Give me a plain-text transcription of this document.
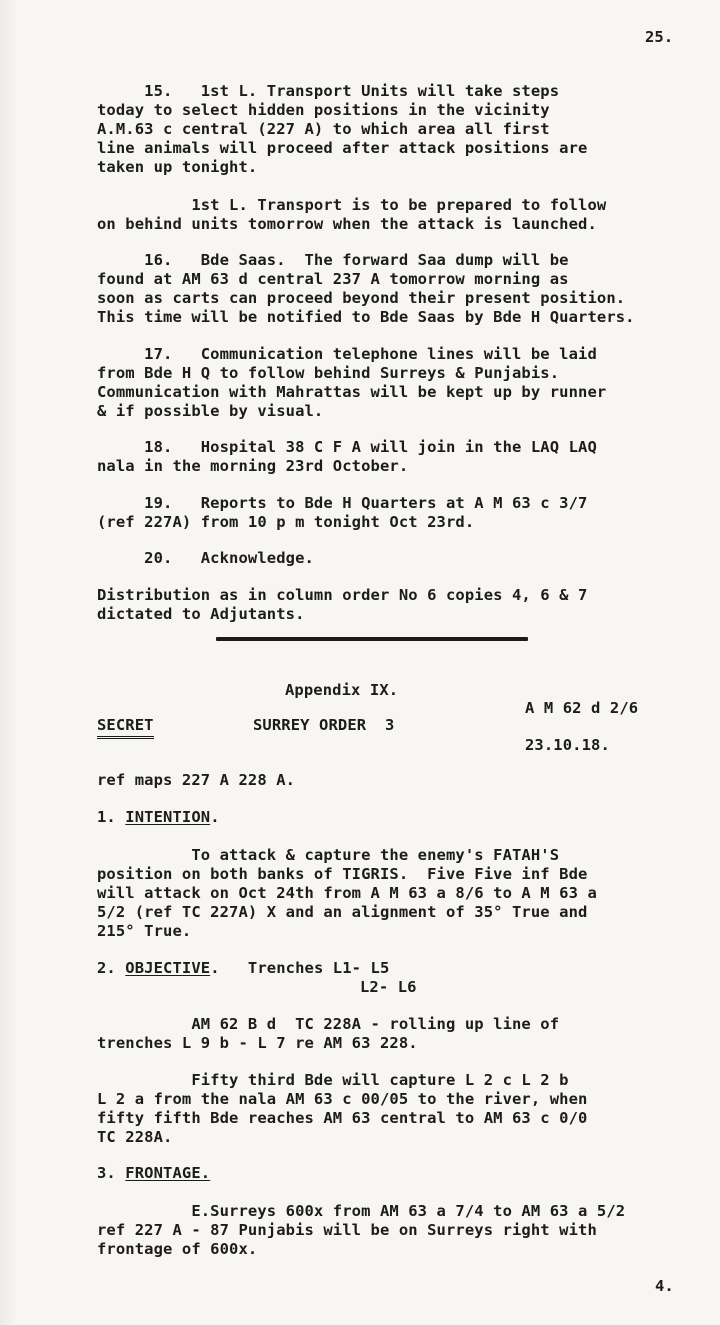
25.
15.   1st L. Transport Units will take steps
today to select hidden positions in the vicinity
A.M.63 c central (227 A) to which area all first
line animals will proceed after attack positions are
taken up tonight.
1st L. Transport is to be prepared to follow
on behind units tomorrow when the attack is launched.
16.   Bde Saas.  The forward Saa dump will be
found at AM 63 d central 237 A tomorrow morning as
soon as carts can proceed beyond their present position.
This time will be notified to Bde Saas by Bde H Quarters.
17.   Communication telephone lines will be laid
from Bde H Q to follow behind Surreys & Punjabis.
Communication with Mahrattas will be kept up by runner
& if possible by visual.
18.   Hospital 38 C F A will join in the LAQ LAQ
nala in the morning 23rd October.
19.   Reports to Bde H Quarters at A M 63 c 3/7
(ref 227A) from 10 p m tonight Oct 23rd.
20.   Acknowledge.
Distribution as in column order No 6 copies 4, 6 & 7
dictated to Adjutants.
Appendix IX.
A M 62 d 2/6
SECRET	SURREY ORDER  3
23.10.18.
ref maps 227 A 228 A.
1. INTENTION.
To attack & capture the enemy's FATAH'S
position on both banks of TIGRIS.  Five Five inf Bde
will attack on Oct 24th from A M 63 a 8/6 to A M 63 a
5/2 (ref TC 227A) X and an alignment of 35° True and
215° True.
2. OBJECTIVE.   Trenches L1- L5
L2- L6
AM 62 B d  TC 228A - rolling up line of
trenches L 9 b - L 7 re AM 63 228.
Fifty third Bde will capture L 2 c L 2 b
L 2 a from the nala AM 63 c 00/05 to the river, when
fifty fifth Bde reaches AM 63 central to AM 63 c 0/0
TC 228A.
3. FRONTAGE.
E.Surreys 600x from AM 63 a 7/4 to AM 63 a 5/2
ref 227 A - 87 Punjabis will be on Surreys right with
frontage of 600x.
4.
